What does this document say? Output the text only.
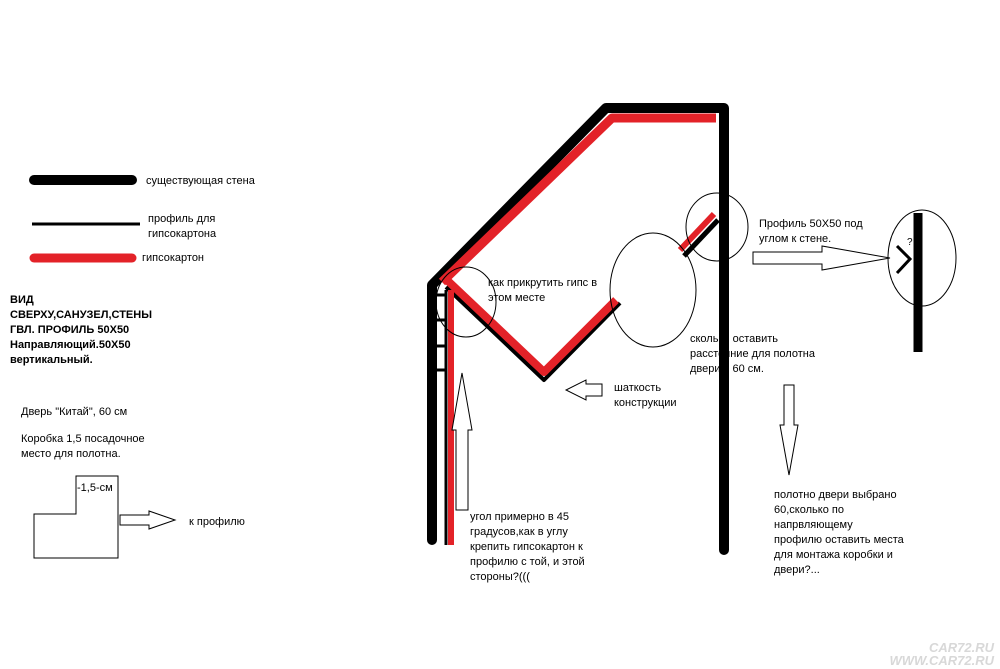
существующая стена
профиль для
гипсокартона
гипсокартон
ВИД
СВЕРХУ,САНУЗЕЛ,СТЕНЫ
ГВЛ. ПРОФИЛЬ 50Х50
Направляющий.50Х50
вертикальный.
Дверь "Китай", 60 см
Коробка 1,5 посадочное
место для полотна.
-1,5-см
к профилю
как прикрутить гипс в
этом месте
сколько оставить
расстояние для полотна
двери в 60 см.
шаткость
конструкции
Профиль 50Х50 под
углом к стене.	?
угол примерно в 45
градусов,как в углу
крепить гипсокартон к
профилю с той, и этой
стороны?(((
полотно двери выбрано
60,сколько по
напрвляющему
профилю оставить места
для монтажа коробки и
двери?...
CAR72.RU
WWW.CAR72.RU
